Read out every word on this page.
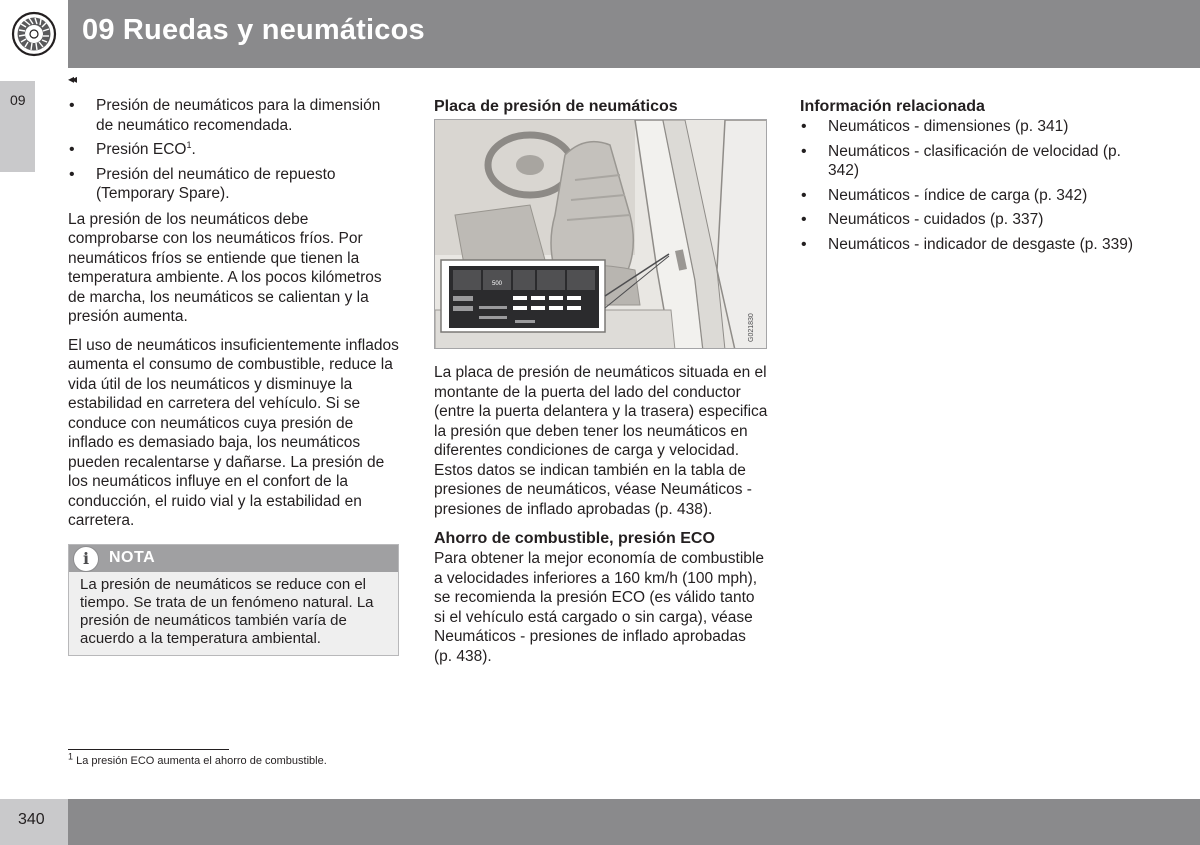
09 Ruedas y neumáticos
09
◂◂
• Presión de neumáticos para la dimensión de neumático recomendada.
• Presión ECO$^1$.
• Presión del neumático de repuesto (Temporary Spare).

La presión de los neumáticos debe comprobarse con los neumáticos fríos. Por neumáticos fríos se entiende que tienen la temperatura ambiente. A los pocos kilómetros de marcha, los neumáticos se calientan y la presión aumenta.

El uso de neumáticos insuficientemente inflados aumenta el consumo de combustible, reduce la vida útil de los neumáticos y disminuye la estabilidad en carretera del vehículo. Si se conduce con neumáticos cuya presión de inflado es demasiado baja, los neumáticos pueden recalentarse y dañarse. La presión de los neumáticos influye en el confort de la conducción, el ruido vial y la estabilidad en carretera.

i	NOTA
La presión de neumáticos se reduce con el tiempo. Se trata de un fenómeno natural. La presión de neumáticos también varía de acuerdo a la temperatura ambiental.
Placa de presión de neumáticos
500
G021830

La placa de presión de neumáticos situada en el montante de la puerta del lado del conductor (entre la puerta delantera y la trasera) especifica la presión que deben tener los neumáticos en diferentes condiciones de carga y velocidad. Estos datos se indican también en la tabla de presiones de neumáticos, véase Neumáticos - presiones de inflado aprobadas (p. 438).

Ahorro de combustible, presión ECO

Para obtener la mejor economía de combustible a velocidades inferiores a 160 km/h (100 mph), se recomienda la presión ECO (es válido tanto si el vehículo está cargado o sin carga), véase Neumáticos - presiones de inflado aprobadas (p. 438).

Información relacionada
• Neumáticos - dimensiones (p. 341)
• Neumáticos - clasificación de velocidad (p. 342)
• Neumáticos - índice de carga (p. 342)
• Neumáticos - cuidados (p. 337)
• Neumáticos - indicador de desgaste (p. 339)
$^1$ La presión ECO aumenta el ahorro de combustible.
340
